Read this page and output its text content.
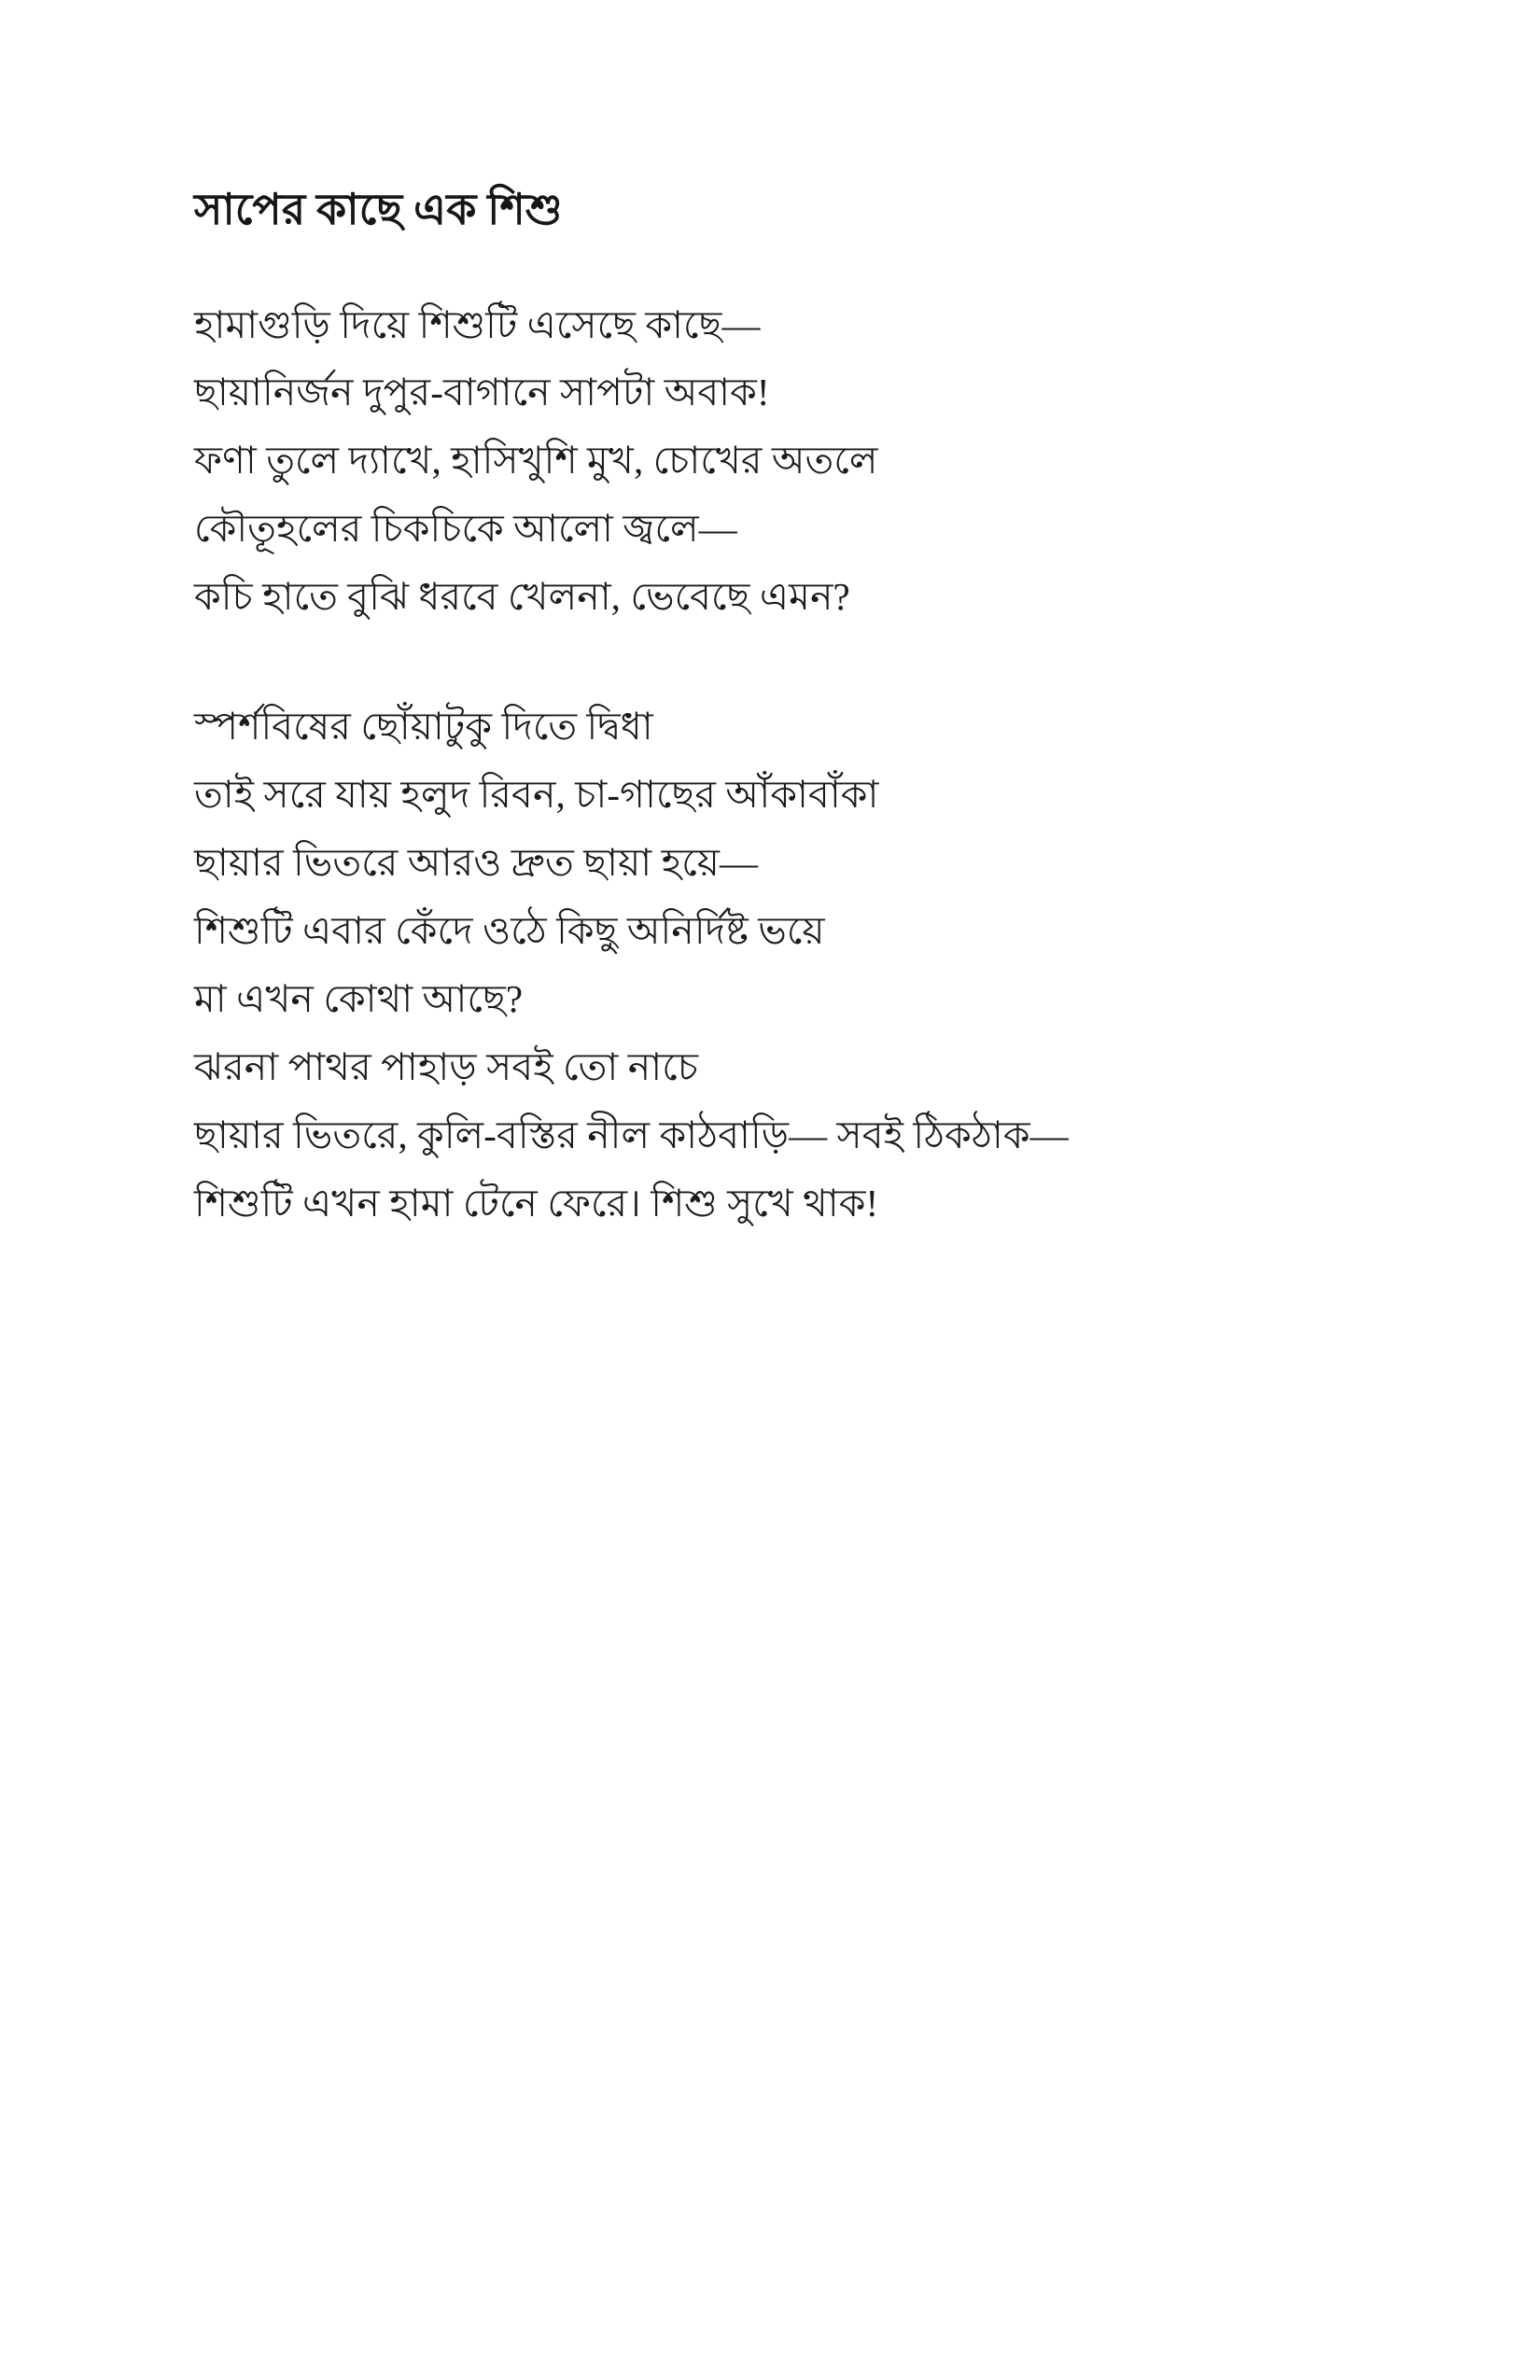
সাপের কাছে এক শিশু

হামাগুড়ি দিয়ে শিশুটি এসেছে কাছে—

ছায়ানির্জন দুপুর-বাগানে সাপটা অবাক!

ফণা তুলে দ্যাখে, হাসিখুশি মুখ, চোখের অতলে

কৌতূহলের চিকচিকে আলো জ্বলে—

কচি হাতে বুঝি ধরবে খেলনা, ভেবেছে এমন?

স্পর্শবিষের ছোঁয়াটুকু দিতে দ্বিধা

তাই সরে যায় হলুদ রিবন, চা-গাছের আঁকাবাঁকা

ছায়ার ভিতরে আরও দ্রুত ছায়া হয়ে—

শিশুটি এবার কেঁদে ওঠে কিছু অনির্দিষ্ট ভয়ে

মা এখন কোথা আছে?

ঝরনা পাথর পাহাড় সবই তো নাচে

ছায়ার ভিতরে, কুলি-বস্তির নীল কাঠবাড়ি— সবই ঠিকঠাক—

শিশুটি এখন হামা টেনে ফেরে। শিশু সুখে থাক!
